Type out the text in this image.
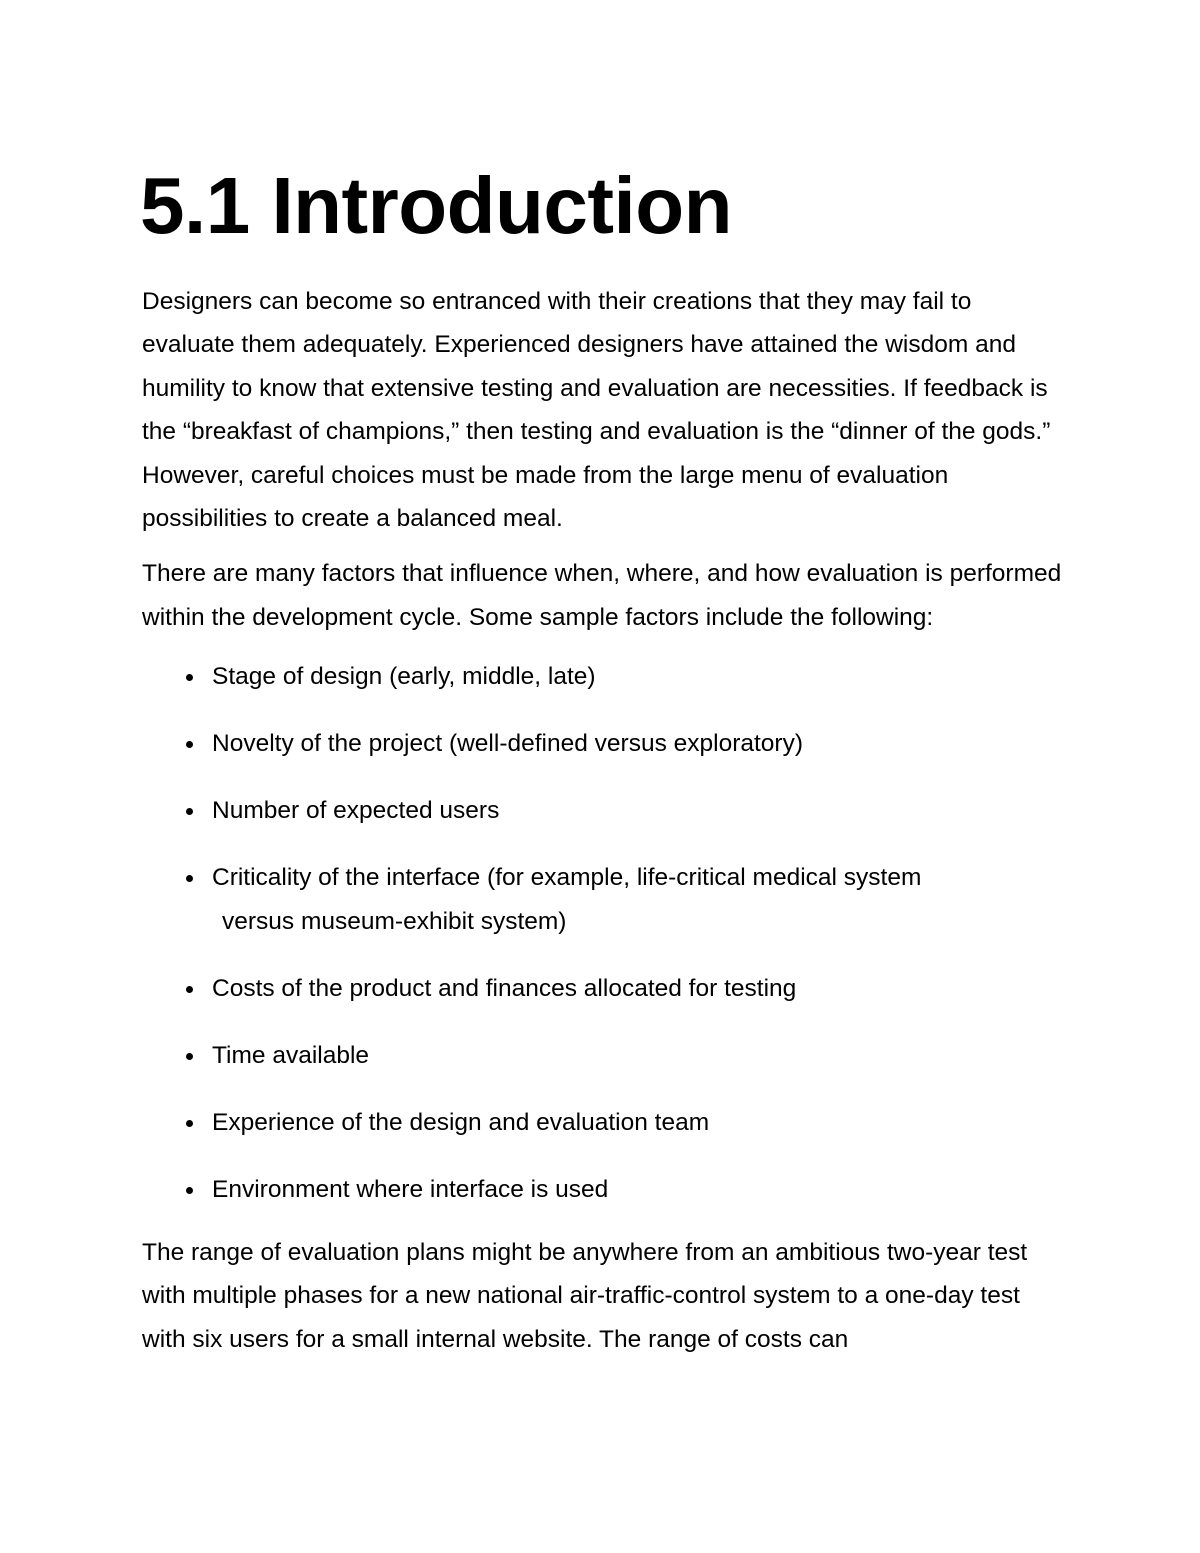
5.1 Introduction

Designers can become so entranced with their creations that they may fail to evaluate them adequately. Experienced designers have attained the wisdom and humility to know that extensive testing and evaluation are necessities. If feedback is the “breakfast of champions,” then testing and evaluation is the “dinner of the gods.” However, careful choices must be made from the large menu of evaluation possibilities to create a balanced meal.

There are many factors that influence when, where, and how evaluation is performed within the development cycle. Some sample factors include the following:

Stage of design (early, middle, late)
Novelty of the project (well-defined versus exploratory)
Number of expected users
Criticality of the interface (for example, life-critical medical system
versus museum-exhibit system)
Costs of the product and finances allocated for testing
Time available
Experience of the design and evaluation team
Environment where interface is used

The range of evaluation plans might be anywhere from an ambitious two-year test with multiple phases for a new national air-traffic-control system to a one-day test with six users for a small internal website. The range of costs can
